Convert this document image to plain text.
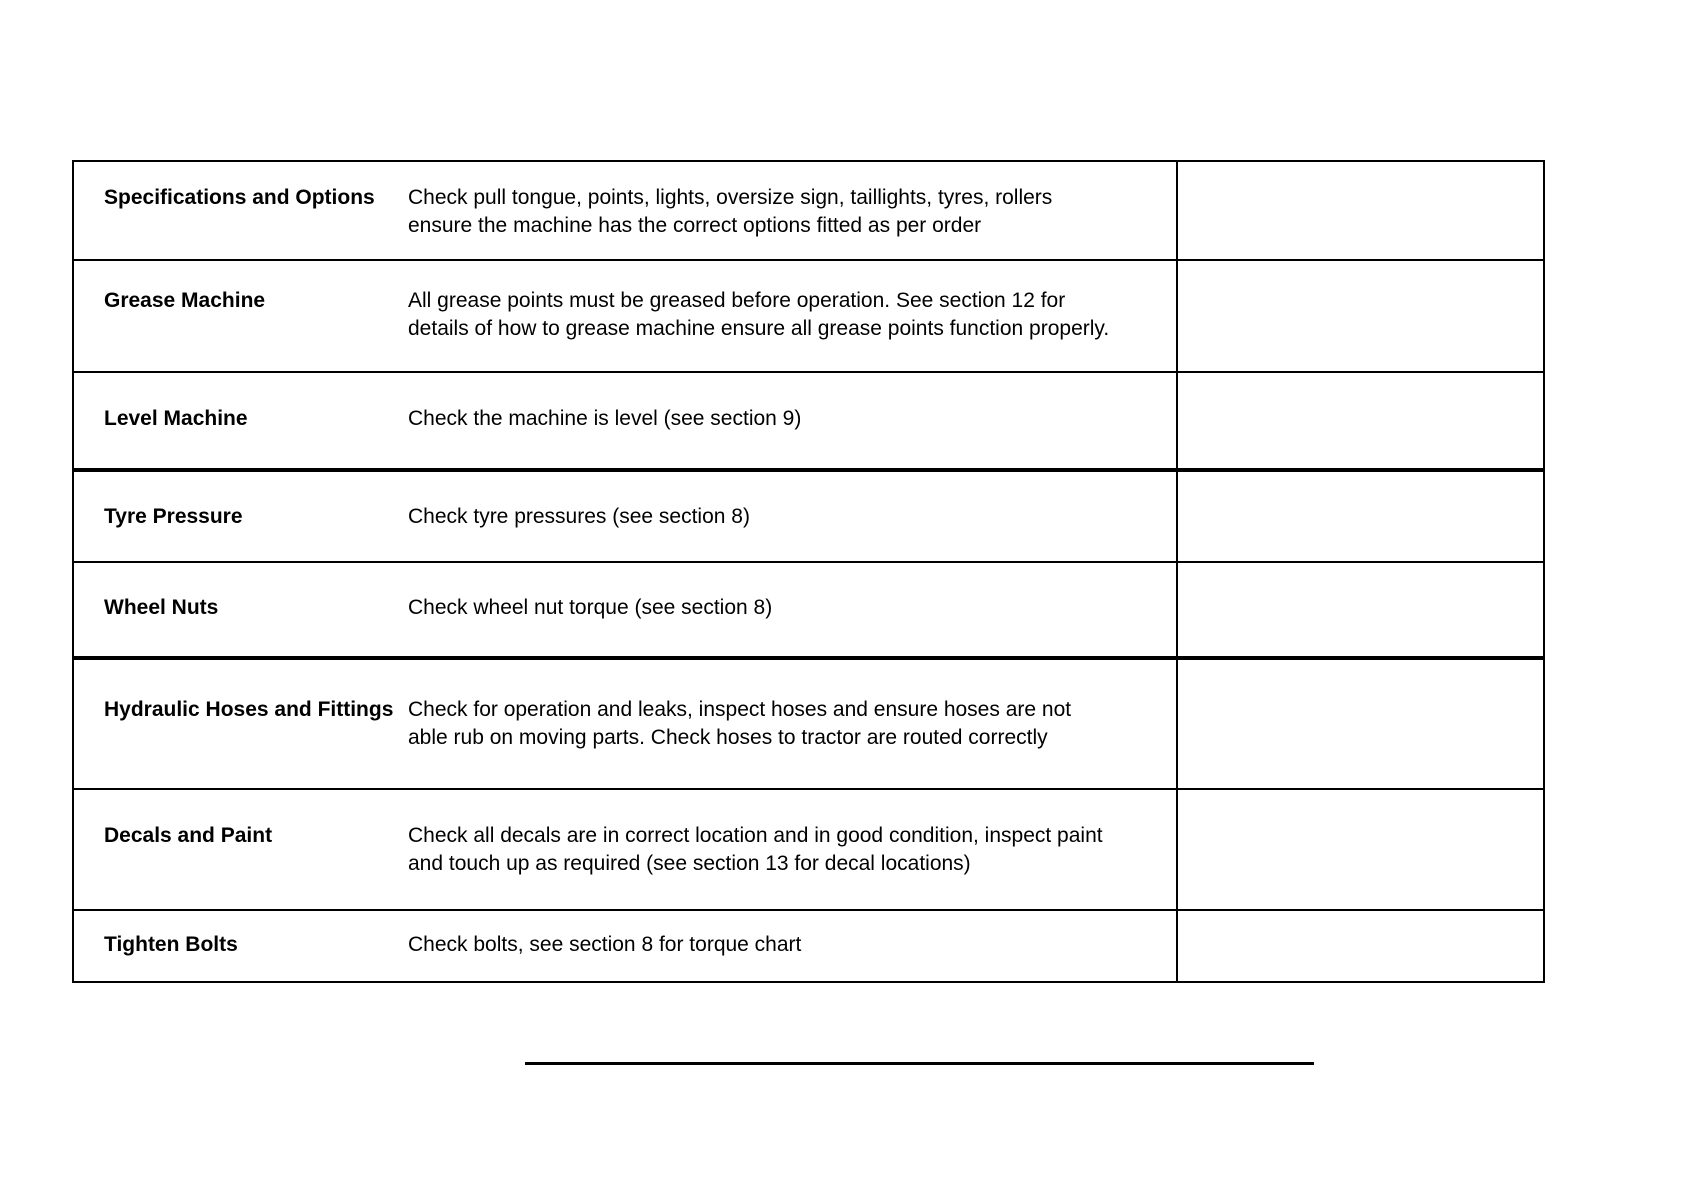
Specifications and Options	Check pull tongue, points, lights, oversize sign, taillights, tyres, rollers
ensure the machine has the correct options fitted as per order	

Grease Machine	All grease points must be greased before operation. See section 12 for
details of how to grease machine ensure all grease points function properly.	

Level Machine	Check the machine is level (see section 9)	

Tyre Pressure	Check tyre pressures (see section 8)	

Wheel Nuts	Check wheel nut torque (see section 8)	

Hydraulic Hoses and Fittings	Check for operation and leaks, inspect hoses and ensure hoses are not
able rub on moving parts. Check hoses to tractor are routed correctly	

Decals and Paint	Check all decals are in correct location and in good condition, inspect paint
and touch up as required (see section 13 for decal locations)	

Tighten Bolts	Check bolts, see section 8 for torque chart	
